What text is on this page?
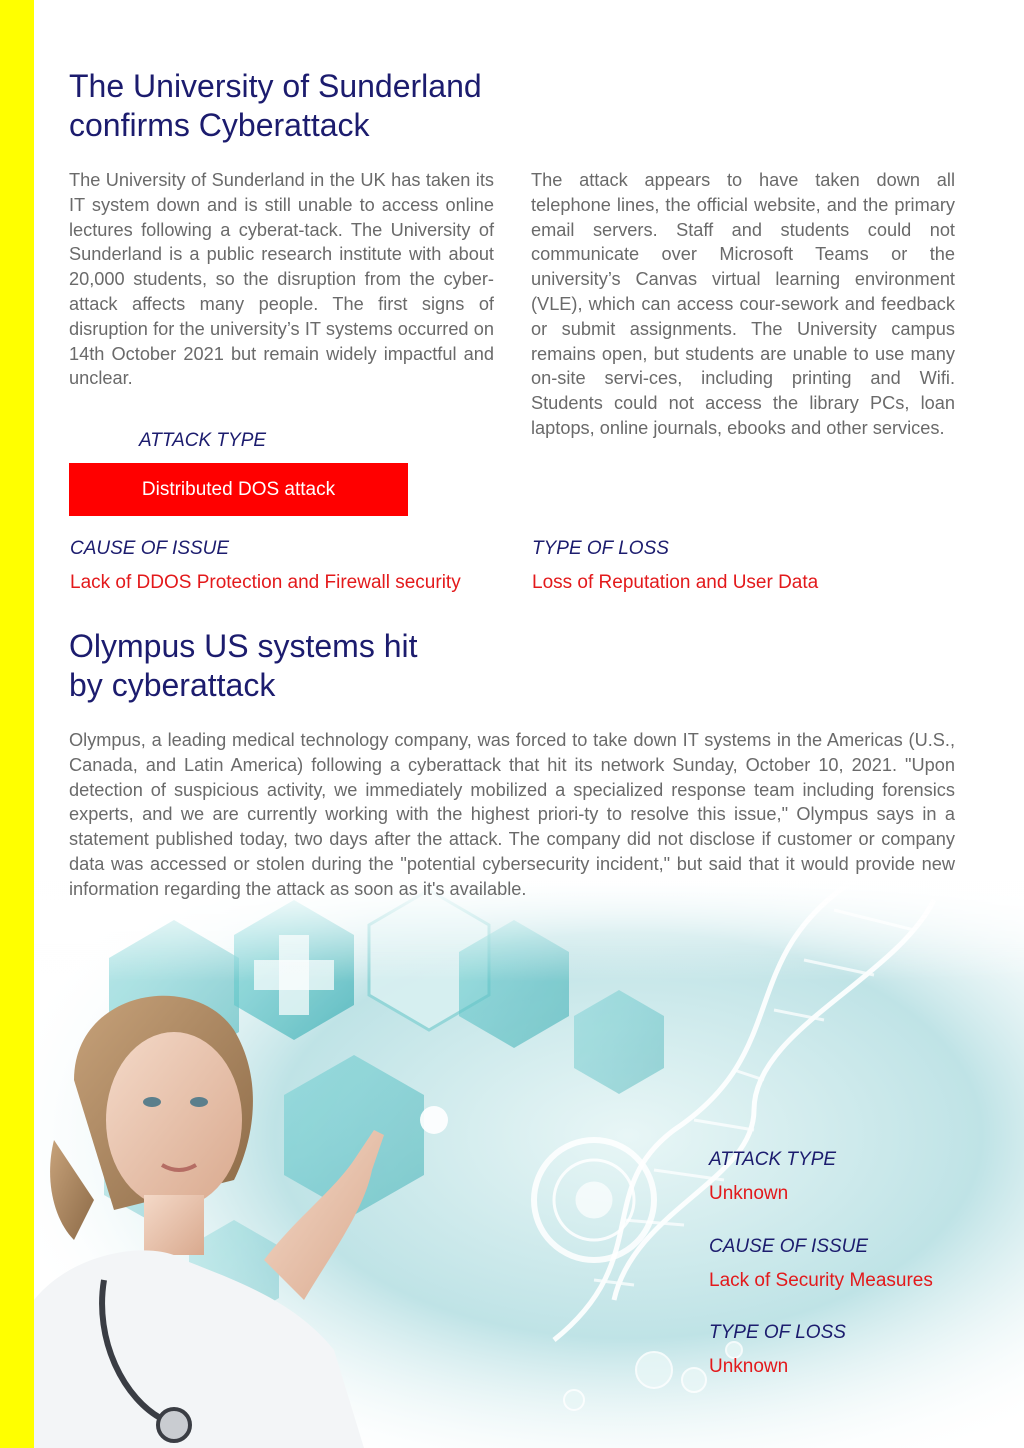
The University of Sunderland
confirms Cyberattack

The University of Sunderland in the UK has taken its IT system down and is still unable to access online lectures following a cyberat-tack. The University of Sunderland is a public research institute with about 20,000 students, so the disruption from the cyber-attack affects many people. The first signs of disruption for the university’s IT systems occurred on 14th October 2021 but remain widely impactful and unclear.

The attack appears to have taken down all telephone lines, the official website, and the primary email servers. Staff and students could not communicate over Microsoft Teams or the university’s Canvas virtual learning environment (VLE), which can access cour-sework and feedback or submit assignments. The University campus remains open, but students are unable to use many on-site servi-ces, including printing and Wifi. Students could not access the library PCs, loan laptops, online journals, ebooks and other services.

ATTACK TYPE
Distributed DOS attack
CAUSE OF ISSUE
Lack of DDOS Protection and Firewall security
TYPE OF LOSS
Loss of Reputation and User Data
Olympus US systems hit
by cyberattack

Olympus, a leading medical technology company, was forced to take down IT systems in the Americas (U.S., Canada, and Latin America) following a cyberattack that hit its network Sunday, October 10, 2021. "Upon detection of suspicious activity, we immediately mobilized a specialized response team including forensics experts, and we are currently working with the highest priori-ty to resolve this issue," Olympus says in a statement published today, two days after the attack. The company did not disclose if customer or company data was accessed or stolen during the "potential cybersecurity incident," but said that it would provide new information regarding the attack as soon as it's available.

ATTACK TYPE
Unknown
CAUSE OF ISSUE
Lack of Security Measures
TYPE OF LOSS
Unknown
